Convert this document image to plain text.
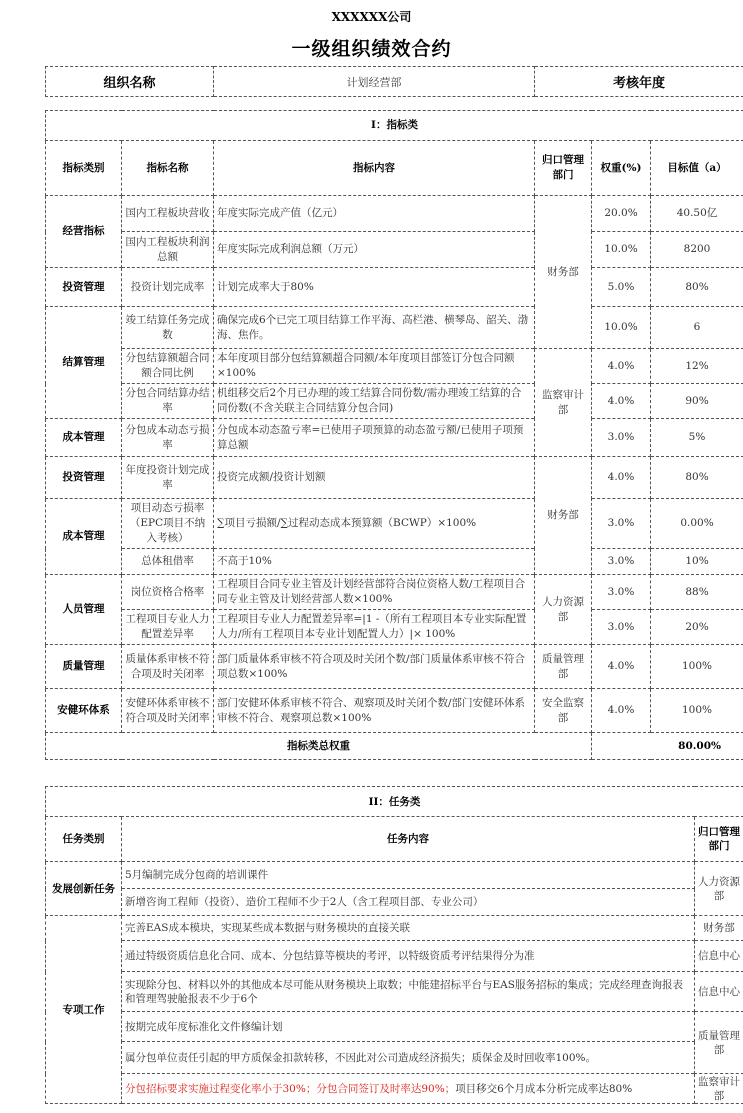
XXXXXX公司
一级组织绩效合约
组织名称	计划经营部	考核年度
I：指标类					
指标类别	指标名称	指标内容	归口管理部门	权重(%)	目标值（a）
经营指标	国内工程板块营收	年度实际完成产值（亿元）	财务部	20.0%	40.50亿
	国内工程板块利润总额	年度实际完成利润总额（万元）		10.0%	8200
投资管理	投资计划完成率	计划完成率大于80%		5.0%	80%
结算管理	竣工结算任务完成数	确保完成6个已完工项目结算工作平海、高栏港、横琴岛、韶关、渤海、焦作。		10.0%	6
	分包结算额超合同额合同比例	本年度项目部分包结算额超合同额/本年度项目部签订分包合同额×100%	监察审计部	4.0%	12%
	分包合同结算办结率	机组移交后2个月已办理的竣工结算合同份数/需办理竣工结算的合同份数(不含关联主合同结算分包合同)		4.0%	90%
成本管理	分包成本动态亏损率	分包成本动态盈亏率=已使用子项预算的动态盈亏额/已使用子项预算总额		3.0%	5%
投资管理	年度投资计划完成率	投资完成额/投资计划额	财务部	4.0%	80%
成本管理	项目动态亏损率（EPC项目不纳入考核）	∑项目亏损额/∑过程动态成本预算额（BCWP）×100%		3.0%	0.00%
	总体租借率	不高于10%		3.0%	10%
人员管理	岗位资格合格率	工程项目合同专业主管及计划经营部符合岗位资格人数/工程项目合同专业主管及计划经营部人数×100%	人力资源部	3.0%	88%
	工程项目专业人力配置差异率	工程项目专业人力配置差异率=|1 -（所有工程项目本专业实际配置人力/所有工程项目本专业计划配置人力）|× 100%		3.0%	20%
质量管理	质量体系审核不符合项及时关闭率	部门质量体系审核不符合项及时关闭个数/部门质量体系审核不符合项总数×100%	质量管理部	4.0%	100%
安健环体系	安健环体系审核不符合项及时关闭率	部门安健环体系审核不符合、观察项及时关闭个数/部门安健环体系审核不符合、观察项总数×100%	安全监察部	4.0%	100%
指标类总权重				80.00%	
II：任务类		
任务类别	任务内容	归口管理部门
发展创新任务	5月编制完成分包商的培训课件	人力资源部
	新增咨询工程师（投资）、造价工程师不少于2人（含工程项目部、专业公司）	
专项工作	完善EAS成本模块，实现某些成本数据与财务模块的直接关联	财务部
	通过特级资质信息化合同、成本、分包结算等模块的考评，以特级资质考评结果得分为准	信息中心
	实现除分包、材料以外的其他成本尽可能从财务模块上取数；中能建招标平台与EAS服务招标的集成；完成经理查询报表和管理驾驶舱报表不少于6个	信息中心
	按期完成年度标准化文件修编计划	质量管理部
	属分包单位责任引起的甲方质保金扣款转移，不因此对公司造成经济损失；质保金及时回收率100%。	
	分包招标要求实施过程变化率小于30%；分包合同签订及时率达90%；项目移交6个月成本分析完成率达80%	监察审计部
